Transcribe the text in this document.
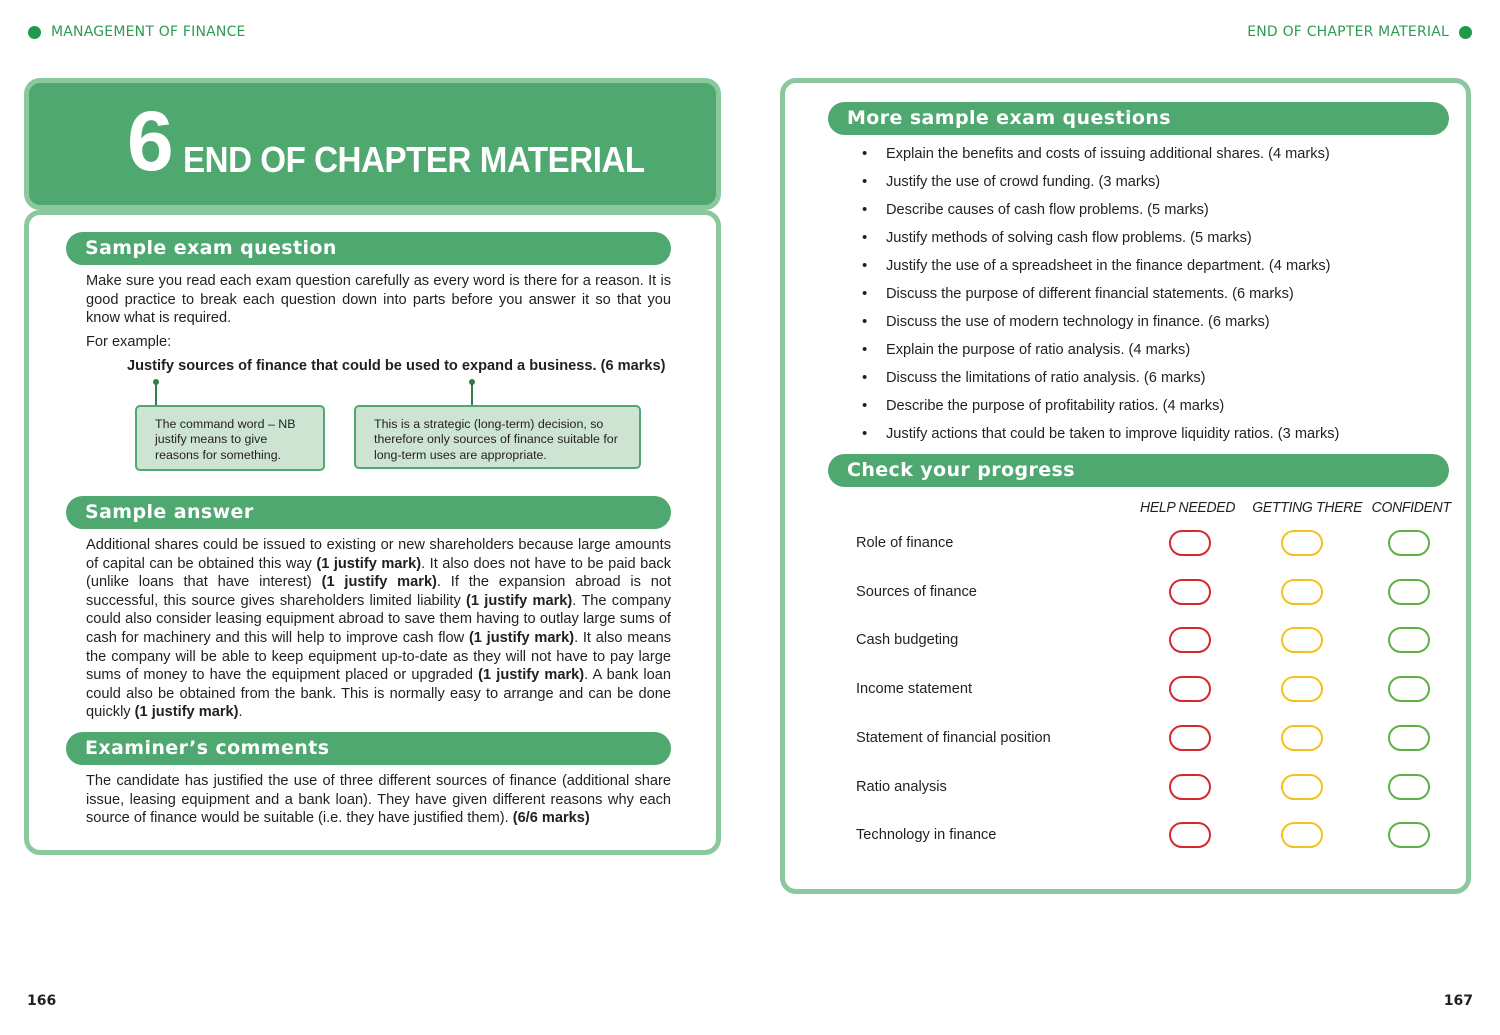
MANAGEMENT OF FINANCE	END OF CHAPTER MATERIAL
6 END OF CHAPTER MATERIAL
Sample exam question

Make sure you read each exam question carefully as every word is there for a reason. It is good practice to break each question down into parts before you answer it so that you know what is required.

For example:

Justify sources of finance that could be used to expand a business. (6 marks)
The command word – NB justify means to give reasons for something.
This is a strategic (long-term) decision, so therefore only sources of finance suitable for long-term uses are appropriate.
Sample answer

Additional shares could be issued to existing or new shareholders because large amounts of capital can be obtained this way (1 justify mark). It also does not have to be paid back (unlike loans that have interest) (1 justify mark). If the expansion abroad is not successful, this source gives shareholders limited liability (1 justify mark). The company could also consider leasing equipment abroad to save them having to outlay large sums of cash for machinery and this will help to improve cash flow (1 justify mark). It also means the company will be able to keep equipment up-to-date as they will not have to pay large sums of money to have the equipment placed or upgraded (1 justify mark). A bank loan could also be obtained from the bank. This is normally easy to arrange and can be done quickly (1 justify mark).

Examiner’s comments

The candidate has justified the use of three different sources of finance (additional share issue, leasing equipment and a bank loan). They have given different reasons why each source of finance would be suitable (i.e. they have justified them). (6/6 marks)

More sample exam questions
• Explain the benefits and costs of issuing additional shares. (4 marks)
• Justify the use of crowd funding. (3 marks)
• Describe causes of cash flow problems. (5 marks)
• Justify methods of solving cash flow problems. (5 marks)
• Justify the use of a spreadsheet in the finance department. (4 marks)
• Discuss the purpose of different financial statements. (6 marks)
• Discuss the use of modern technology in finance. (6 marks)
• Explain the purpose of ratio analysis. (4 marks)
• Discuss the limitations of ratio analysis. (6 marks)
• Describe the purpose of profitability ratios. (4 marks)
• Justify actions that could be taken to improve liquidity ratios. (3 marks)
Check your progress
HELP NEEDED GETTING THERE CONFIDENT
Role of finance
Sources of finance
Cash budgeting
Income statement
Statement of financial position
Ratio analysis
Technology in finance
166	167
